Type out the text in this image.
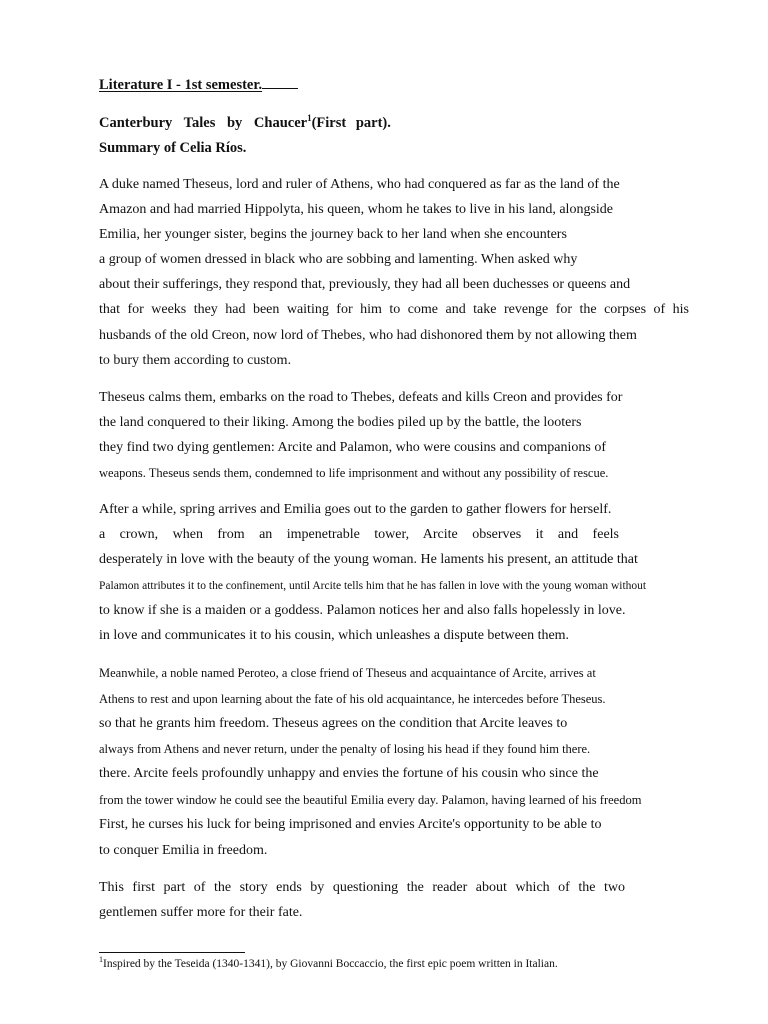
Literature I - 1st semester.
Canterbury Tales by Chaucer$^1$(First part).
Summary of Celia Ríos.
A duke named Theseus, lord and ruler of Athens, who had conquered as far as the land of the
Amazon and had married Hippolyta, his queen, whom he takes to live in his land, alongside
Emilia, her younger sister, begins the journey back to her land when she encounters
a group of women dressed in black who are sobbing and lamenting. When asked why
about their sufferings, they respond that, previously, they had all been duchesses or queens and
that for weeks they had been waiting for him to come and take revenge for the corpses of his
husbands of the old Creon, now lord of Thebes, who had dishonored them by not allowing them
to bury them according to custom.
Theseus calms them, embarks on the road to Thebes, defeats and kills Creon and provides for
the land conquered to their liking. Among the bodies piled up by the battle, the looters
they find two dying gentlemen: Arcite and Palamon, who were cousins and companions of
weapons. Theseus sends them, condemned to life imprisonment and without any possibility of rescue.
After a while, spring arrives and Emilia goes out to the garden to gather flowers for herself.
a crown, when from an impenetrable tower, Arcite observes it and feels
desperately in love with the beauty of the young woman. He laments his present, an attitude that
Palamon attributes it to the confinement, until Arcite tells him that he has fallen in love with the young woman without
to know if she is a maiden or a goddess. Palamon notices her and also falls hopelessly in love.
in love and communicates it to his cousin, which unleashes a dispute between them.
Meanwhile, a noble named Peroteo, a close friend of Theseus and acquaintance of Arcite, arrives at
Athens to rest and upon learning about the fate of his old acquaintance, he intercedes before Theseus.
so that he grants him freedom. Theseus agrees on the condition that Arcite leaves to
always from Athens and never return, under the penalty of losing his head if they found him there.
there. Arcite feels profoundly unhappy and envies the fortune of his cousin who since the
from the tower window he could see the beautiful Emilia every day. Palamon, having learned of his freedom
First, he curses his luck for being imprisoned and envies Arcite's opportunity to be able to
to conquer Emilia in freedom.
This first part of the story ends by questioning the reader about which of the two
gentlemen suffer more for their fate.
$^1$Inspired by the Teseida (1340-1341), by Giovanni Boccaccio, the first epic poem written in Italian.
